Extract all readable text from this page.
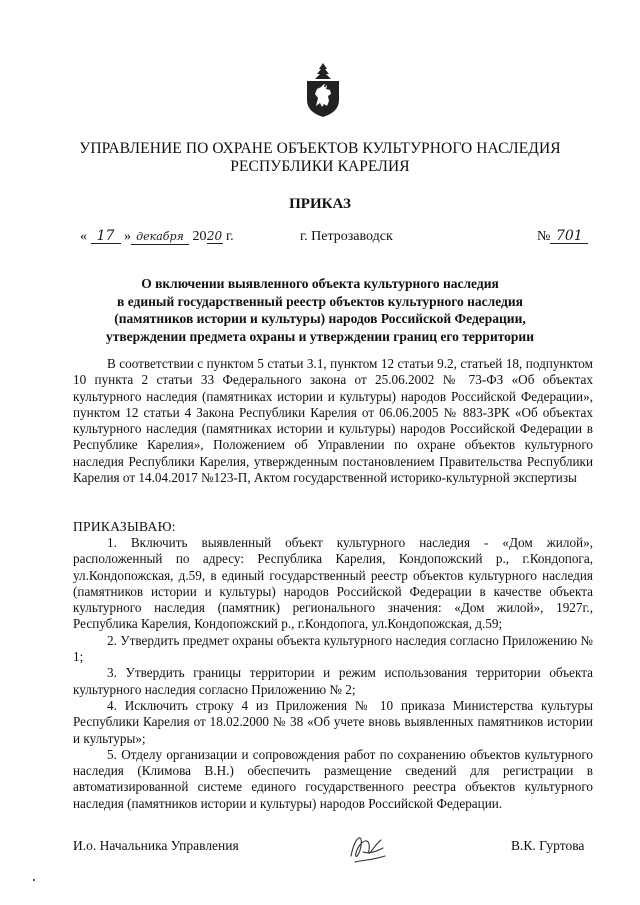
УПРАВЛЕНИЕ ПО ОХРАНЕ ОБЪЕКТОВ КУЛЬТУРНОГО НАСЛЕДИЯ
РЕСПУБЛИКИ КАРЕЛИЯ
ПРИКАЗ
« 17 » декабря 2020 г.	г. Петрозаводск	№ 701
О включении выявленного объекта культурного наследия
в единый государственный реестр объектов культурного наследия
(памятников истории и культуры) народов Российской Федерации,
утверждении предмета охраны и утверждении границ его территории

В соответствии с пунктом 5 статьи 3.1, пунктом 12 статьи 9.2, статьей 18, подпунктом 10 пункта 2 статьи 33 Федерального закона от 25.06.2002 № 73-ФЗ «Об объектах культурного наследия (памятниках истории и культуры) народов Российской Федерации», пунктом 12 статьи 4 Закона Республики Карелия от 06.06.2005 № 883-ЗРК «Об объектах культурного наследия (памятниках истории и культуры) народов Российской Федерации в Республике Карелия», Положением об Управлении по охране объектов культурного наследия Республики Карелия, утвержденным постановлением Правительства Республики Карелия от 14.04.2017 №123-П, Актом государственной историко-культурной экспертизы

ПРИКАЗЫВАЮ:

1. Включить выявленный объект культурного наследия - «Дом жилой», расположенный по адресу: Республика Карелия, Кондопожский р., г.Кондопога, ул.Кондопожская, д.59, в единый государственный реестр объектов культурного наследия (памятников истории и культуры) народов Российской Федерации в качестве объекта культурного наследия (памятник) регионального значения: «Дом жилой», 1927г., Республика Карелия, Кондопожский р., г.Кондопога, ул.Кондопожская, д.59;

2. Утвердить предмет охраны объекта культурного наследия согласно Приложению № 1;

3. Утвердить границы территории и режим использования территории объекта культурного наследия согласно Приложению № 2;

4. Исключить строку 4 из Приложения № 10 приказа Министерства культуры Республики Карелия от 18.02.2000 № 38 «Об учете вновь выявленных памятников истории и культуры»;

5. Отделу организации и сопровождения работ по сохранению объектов культурного наследия (Климова В.Н.) обеспечить размещение сведений для регистрации в автоматизированной системе единого государственного реестра объектов культурного наследия (памятников истории и культуры) народов Российской Федерации.

И.о. Начальника Управления	В.К. Гуртова
